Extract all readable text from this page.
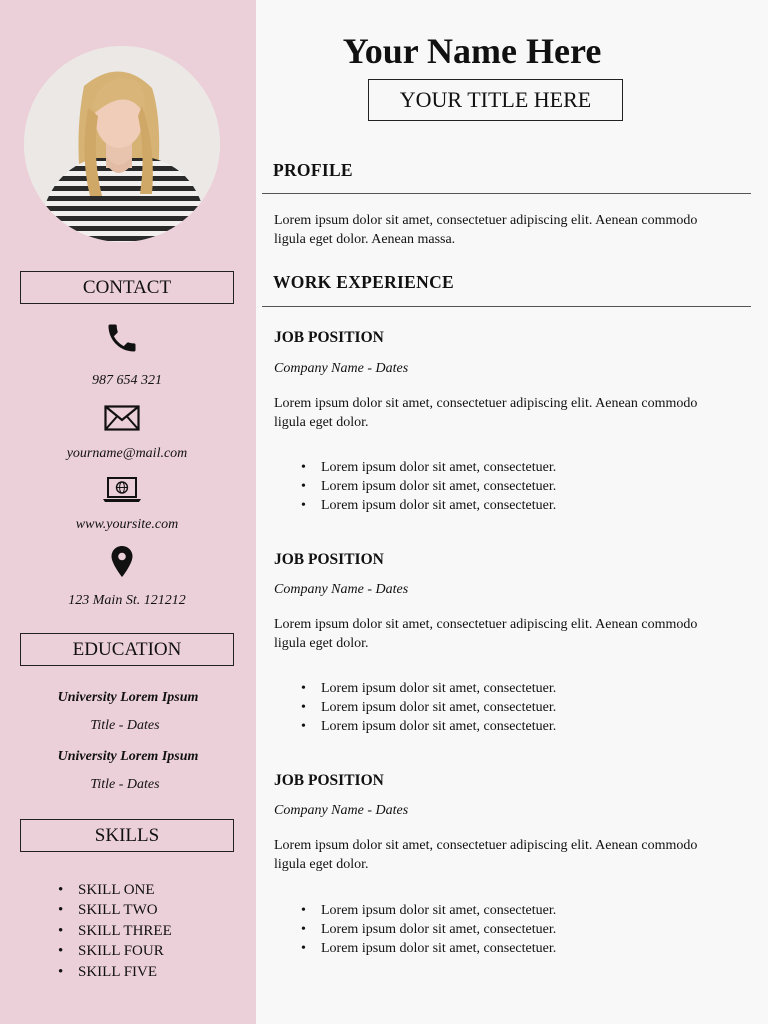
CONTACT
987 654 321
yourname@mail.com
www.yoursite.com
123 Main St. 121212
EDUCATION
University Lorem Ipsum
Title - Dates
University Lorem Ipsum
Title - Dates
SKILLS
• SKILL ONE
• SKILL TWO
• SKILL THREE
• SKILL FOUR
• SKILL FIVE
Your Name Here
YOUR TITLE HERE
PROFILE
Lorem ipsum dolor sit amet, consectetuer adipiscing elit. Aenean commodo ligula eget dolor. Aenean massa.
WORK EXPERIENCE
JOB POSITION
Company Name - Dates
Lorem ipsum dolor sit amet, consectetuer adipiscing elit. Aenean commodo ligula eget dolor.
• Lorem ipsum dolor sit amet, consectetuer.
• Lorem ipsum dolor sit amet, consectetuer.
• Lorem ipsum dolor sit amet, consectetuer.
JOB POSITION
Company Name - Dates
Lorem ipsum dolor sit amet, consectetuer adipiscing elit. Aenean commodo ligula eget dolor.
• Lorem ipsum dolor sit amet, consectetuer.
• Lorem ipsum dolor sit amet, consectetuer.
• Lorem ipsum dolor sit amet, consectetuer.
JOB POSITION
Company Name - Dates
Lorem ipsum dolor sit amet, consectetuer adipiscing elit. Aenean commodo ligula eget dolor.
• Lorem ipsum dolor sit amet, consectetuer.
• Lorem ipsum dolor sit amet, consectetuer.
• Lorem ipsum dolor sit amet, consectetuer.
